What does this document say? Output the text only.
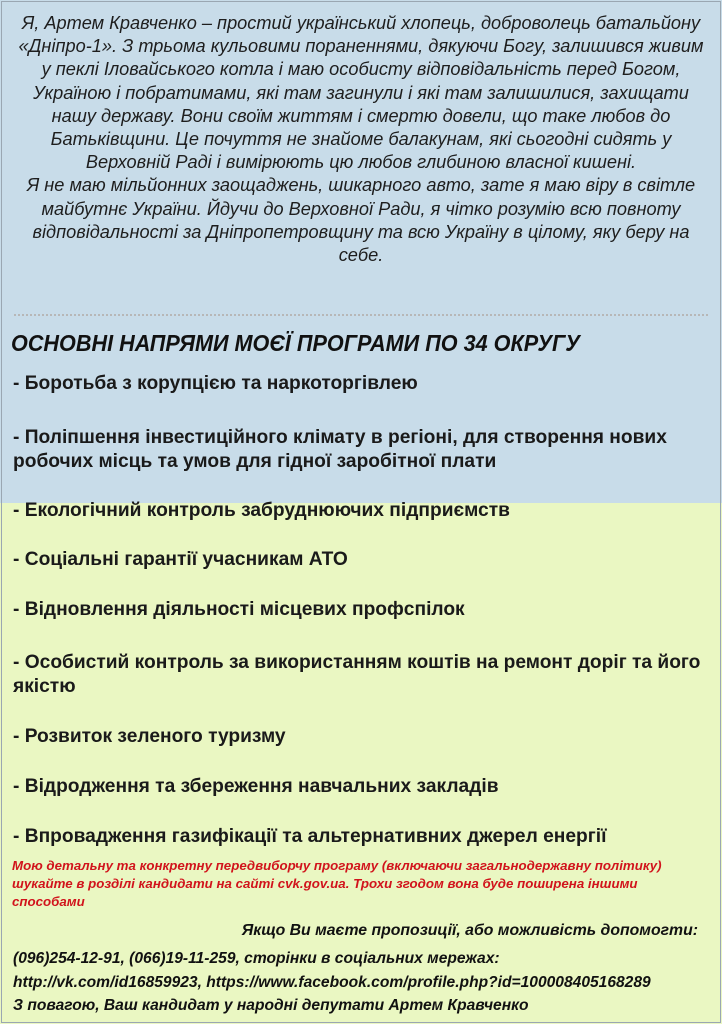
Я, Артем Кравченко – простий український хлопець, доброволець батальйону «Дніпро-1». З трьома кульовими пораненнями, дякуючи Богу, залишився живим у пеклі Іловайського котла і маю особисту відповідальність перед Богом, Україною і побратимами, які там загинули і які там залишилися, захищати нашу державу. Вони своїм життям і смертю довели, що таке любов до Батьківщини. Це почуття не знайоме балакунам, які сьогодні сидять у Верховній Раді і вимірюють цю любов глибиною власної кишені.

Я не маю мільйонних заощаджень, шикарного авто, зате я маю віру в світле майбутнє України. Йдучи до Верховної Ради, я чітко розумію всю повноту відповідальності за Дніпропетровщину та всю Україну в цілому, яку беру на себе.

ОСНОВНІ НАПРЯМИ МОЄЇ ПРОГРАМИ ПО 34 ОКРУГУ
- Боротьба з корупцією та наркоторгівлею
- Поліпшення інвестиційного клімату в регіоні, для створення нових робочих місць та умов для гідної заробітної плати
- Екологічний контроль забруднюючих підприємств
- Соціальні гарантії учасникам АТО
- Відновлення діяльності місцевих профспілок
- Особистий контроль за використанням коштів на ремонт доріг та його якістю
- Розвиток зеленого туризму
- Відродження та збереження навчальних закладів
- Впровадження газифікації та альтернативних джерел енергії
Мою детальну та конкретну передвиборчу програму (включаючи загальнодержавну політику) шукайте в розділі кандидати на сайті cvk.gov.ua. Трохи згодом вона буде поширена іншими способами
Якщо Ви маєте пропозиції, або можливість допомогти:
(096)254-12-91, (066)19-11-259, сторінки в соціальних мережах:
http://vk.com/id16859923, https://www.facebook.com/profile.php?id=100008405168289
З повагою, Ваш кандидат у народні депутати Артем Кравченко
